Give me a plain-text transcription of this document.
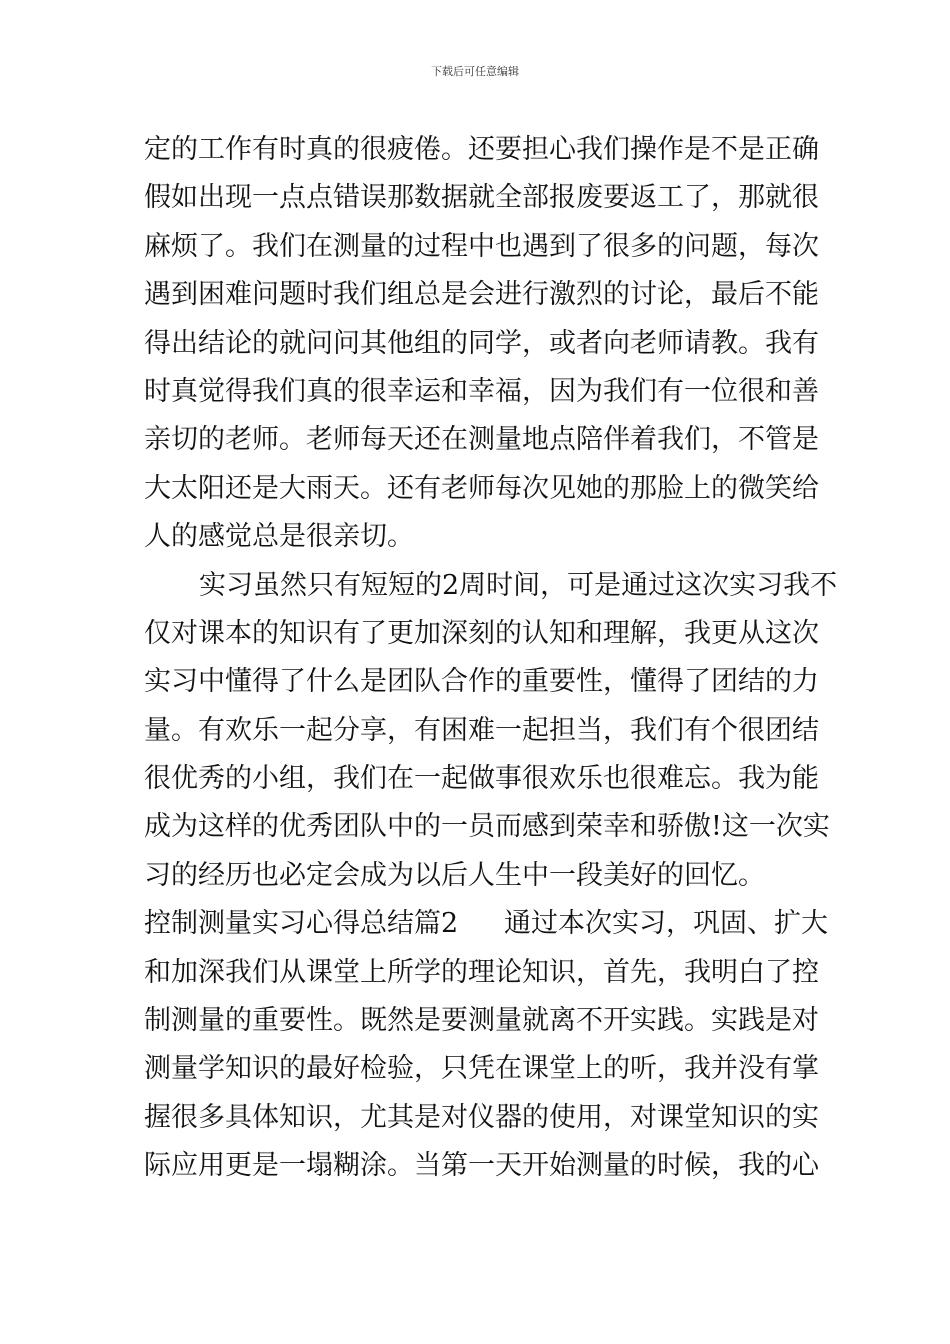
下载后可任意编辑
定的工作有时真的很疲倦。还要担心我们操作是不是正确
假如出现一点点错误那数据就全部报废要返工了，那就很
麻烦了。我们在测量的过程中也遇到了很多的问题，每次
遇到困难问题时我们组总是会进行激烈的讨论，最后不能
得出结论的就问问其他组的同学，或者向老师请教。我有
时真觉得我们真的很幸运和幸福，因为我们有一位很和善
亲切的老师。老师每天还在测量地点陪伴着我们，不管是
大太阳还是大雨天。还有老师每次见她的那脸上的微笑给
人的感觉总是很亲切。
实习虽然只有短短的2周时间，可是通过这次实习我不
仅对课本的知识有了更加深刻的认知和理解，我更从这次
实习中懂得了什么是团队合作的重要性，懂得了团结的力
量。有欢乐一起分享，有困难一起担当，我们有个很团结
很优秀的小组，我们在一起做事很欢乐也很难忘。我为能
成为这样的优秀团队中的一员而感到荣幸和骄傲!这一次实
习的经历也必定会成为以后人生中一段美好的回忆。
控制测量实习心得总结篇2 通过本次实习，巩固、扩大
和加深我们从课堂上所学的理论知识，首先，我明白了控
制测量的重要性。既然是要测量就离不开实践。实践是对
测量学知识的最好检验，只凭在课堂上的听，我并没有掌
握很多具体知识，尤其是对仪器的使用，对课堂知识的实
际应用更是一塌糊涂。当第一天开始测量的时候，我的心
